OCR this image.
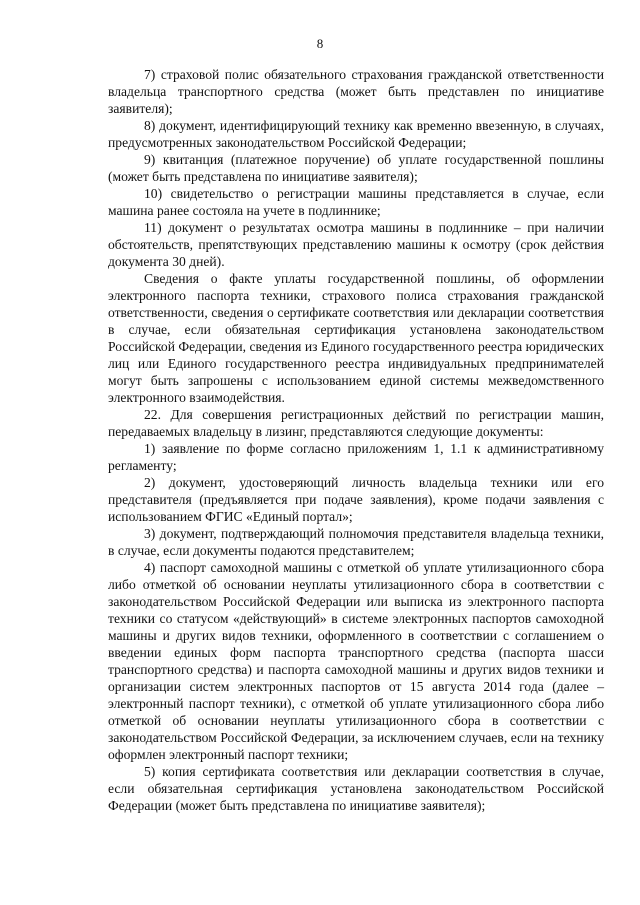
8

7) страховой полис обязательного страхования гражданской ответственности владельца транспортного средства (может быть представлен по инициативе заявителя);

8) документ, идентифицирующий технику как временно ввезенную, в случаях, предусмотренных законодательством Российской Федерации;

9) квитанция (платежное поручение) об уплате государственной пошлины (может быть представлена по инициативе заявителя);

10) свидетельство о регистрации машины представляется в случае, если машина ранее состояла на учете в подлиннике;

11) документ о результатах осмотра машины в подлиннике – при наличии обстоятельств, препятствующих представлению машины к осмотру (срок действия документа 30 дней).

Сведения о факте уплаты государственной пошлины, об оформлении электронного паспорта техники, страхового полиса страхования гражданской ответственности, сведения о сертификате соответствия или декларации соответствия в случае, если обязательная сертификация установлена законодательством Российской Федерации, сведения из Единого государственного реестра юридических лиц или Единого государственного реестра индивидуальных предпринимателей могут быть запрошены с использованием единой системы межведомственного электронного взаимодействия.

22. Для совершения регистрационных действий по регистрации машин, передаваемых владельцу в лизинг, представляются следующие документы:

1) заявление по форме согласно приложениям 1, 1.1 к административному регламенту;

2) документ, удостоверяющий личность владельца техники или его представителя (предъявляется при подаче заявления), кроме подачи заявления с использованием ФГИС «Единый портал»;

3) документ, подтверждающий полномочия представителя владельца техники, в случае, если документы подаются представителем;

4) паспорт самоходной машины с отметкой об уплате утилизационного сбора либо отметкой об основании неуплаты утилизационного сбора в соответствии с законодательством Российской Федерации или выписка из электронного паспорта техники со статусом «действующий» в системе электронных паспортов самоходной машины и других видов техники, оформленного в соответствии с соглашением о введении единых форм паспорта транспортного средства (паспорта шасси транспортного средства) и паспорта самоходной машины и других видов техники и организации систем электронных паспортов от 15 августа 2014 года (далее – электронный паспорт техники), с отметкой об уплате утилизационного сбора либо отметкой об основании неуплаты утилизационного сбора в соответствии с законодательством Российской Федерации, за исключением случаев, если на технику оформлен электронный паспорт техники;

5) копия сертификата соответствия или декларации соответствия в случае, если обязательная сертификация установлена законодательством Российской Федерации (может быть представлена по инициативе заявителя);
